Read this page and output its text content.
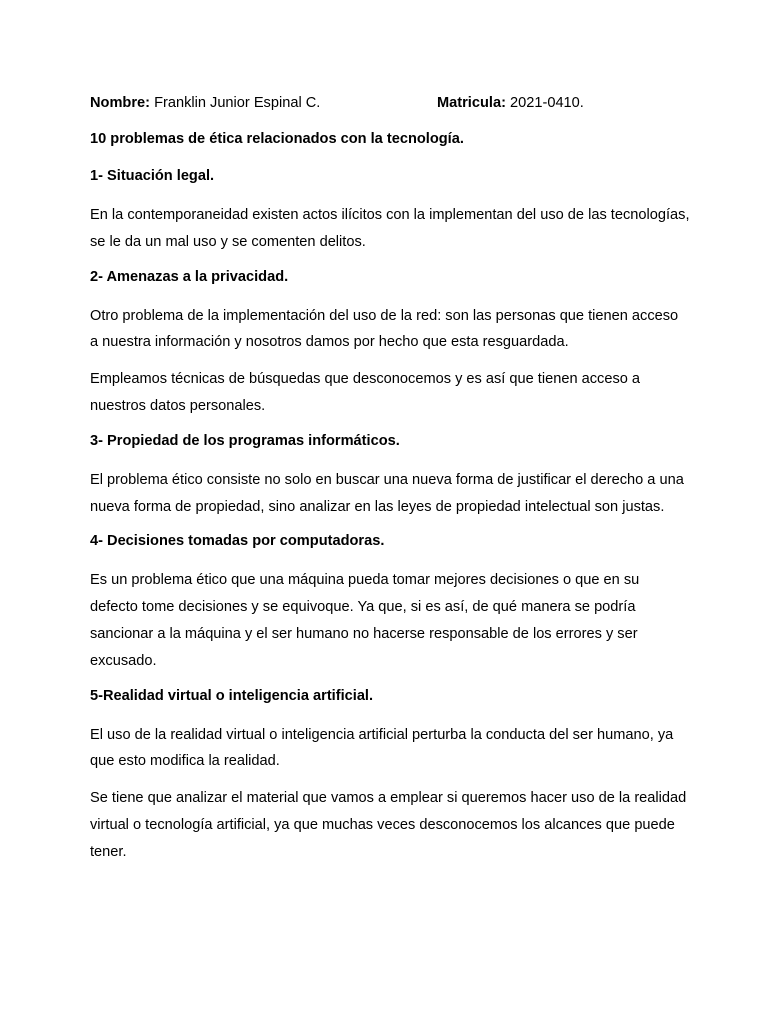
Nombre: Franklin Junior Espinal C.	Matricula: 2021-0410.
10 problemas de ética relacionados con la tecnología.
1- Situación legal.

En la contemporaneidad existen actos ilícitos con la implementan del uso de las tecnologías, se le da un mal uso y se comenten delitos.

2- Amenazas a la privacidad.

Otro problema de la implementación del uso de la red: son las personas que tienen acceso a nuestra información y nosotros damos por hecho que esta resguardada.

Empleamos técnicas de búsquedas que desconocemos y es así que tienen acceso a nuestros datos personales.

3- Propiedad de los programas informáticos.

El problema ético consiste no solo en buscar una nueva forma de justificar el derecho a una nueva forma de propiedad, sino analizar en las leyes de propiedad intelectual son justas.

4- Decisiones tomadas por computadoras.

Es un problema ético que una máquina pueda tomar mejores decisiones o que en su defecto tome decisiones y se equivoque. Ya que, si es así, de qué manera se podría sancionar a la máquina y el ser humano no hacerse responsable de los errores y ser excusado.

5-Realidad virtual o inteligencia artificial.

El uso de la realidad virtual o inteligencia artificial perturba la conducta del ser humano, ya que esto modifica la realidad.

Se tiene que analizar el material que vamos a emplear si queremos hacer uso de la realidad virtual o tecnología artificial, ya que muchas veces desconocemos los alcances que puede tener.
